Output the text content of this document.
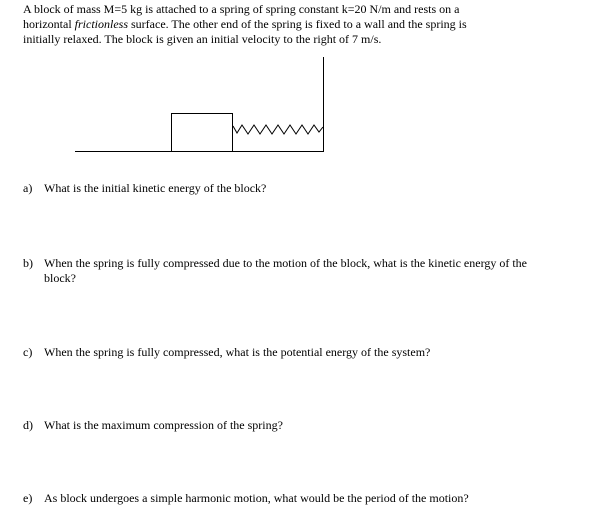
A block of mass M=5 kg is attached to a spring of spring constant k=20 N/m and rests on a
horizontal frictionless surface. The other end of the spring is fixed to a wall and the spring is
initially relaxed. The block is given an initial velocity to the right of 7 m/s.

a) What is the initial kinetic energy of the block?
b) When the spring is fully compressed due to the motion of the block, what is the kinetic energy of the block?
c) When the spring is fully compressed, what is the potential energy of the system?
d) What is the maximum compression of the spring?
e) As block undergoes a simple harmonic motion, what would be the period of the motion?
